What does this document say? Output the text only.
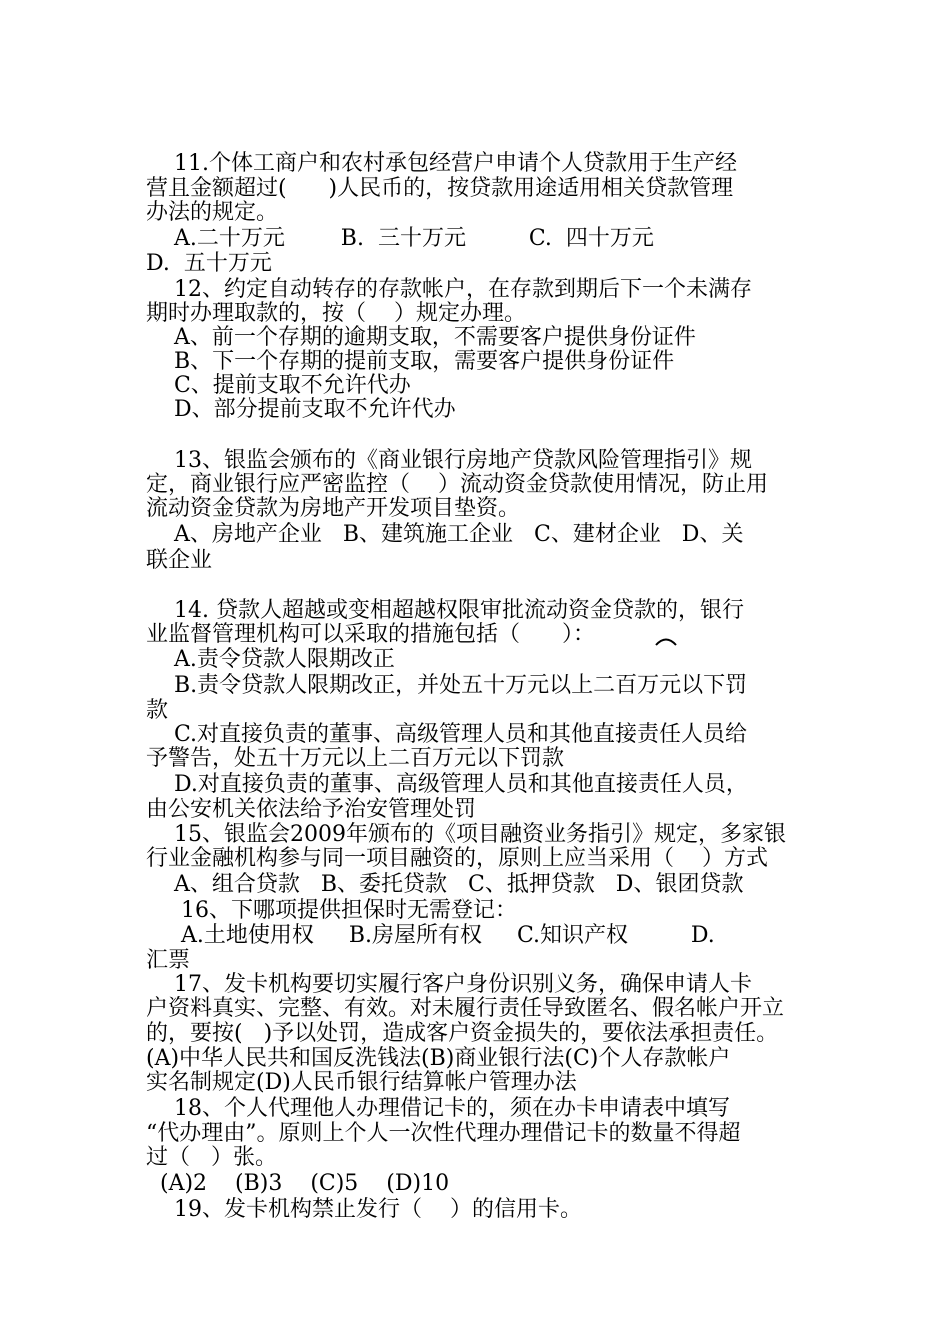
11.个体工商户和农村承包经营户申请个人贷款用于生产经
营且金额超过(      )人民币的，按贷款用途适用相关贷款管理
办法的规定。
A.二十万元        B.  三十万元         C.  四十万元
D.  五十万元
12、约定自动转存的存款帐户，在存款到期后下一个未满存
期时办理取款的，按（    ）规定办理。
A、前一个存期的逾期支取，不需要客户提供身份证件
B、下一个存期的提前支取，需要客户提供身份证件
C、提前支取不允许代办
D、部分提前支取不允许代办
13、银监会颁布的《商业银行房地产贷款风险管理指引》规
定，商业银行应严密监控（    ）流动资金贷款使用情况，防止用
流动资金贷款为房地产开发项目垫资。
A、房地产企业   B、建筑施工企业   C、建材企业   D、关
联企业
14. 贷款人超越或变相超越权限审批流动资金贷款的，银行
业监督管理机构可以采取的措施包括（      ）：
A.责令贷款人限期改正
B.责令贷款人限期改正，并处五十万元以上二百万元以下罚
款
C.对直接负责的董事、高级管理人员和其他直接责任人员给
予警告，处五十万元以上二百万元以下罚款
D.对直接负责的董事、高级管理人员和其他直接责任人员，
由公安机关依法给予治安管理处罚
15、银监会2009年颁布的《项目融资业务指引》规定，多家银
行业金融机构参与同一项目融资的，原则上应当采用（    ）方式
A、组合贷款   B、委托贷款   C、抵押贷款   D、银团贷款
16、下哪项提供担保时无需登记：
A.土地使用权     B.房屋所有权     C.知识产权         D.
汇票
17、发卡机构要切实履行客户身份识别义务，确保申请人卡
户资料真实、完整、有效。对未履行责任导致匿名、假名帐户开立
的，要按(   )予以处罚，造成客户资金损失的，要依法承担责任。
(A)中华人民共和国反洗钱法(B)商业银行法(C)个人存款帐户
实名制规定(D)人民币银行结算帐户管理办法
18、个人代理他人办理借记卡的，须在办卡申请表中填写
“代办理由”。原则上个人一次性代理办理借记卡的数量不得超
过（   ）张。
(A)2    (B)3    (C)5    (D)10
19、发卡机构禁止发行（    ）的信用卡。
